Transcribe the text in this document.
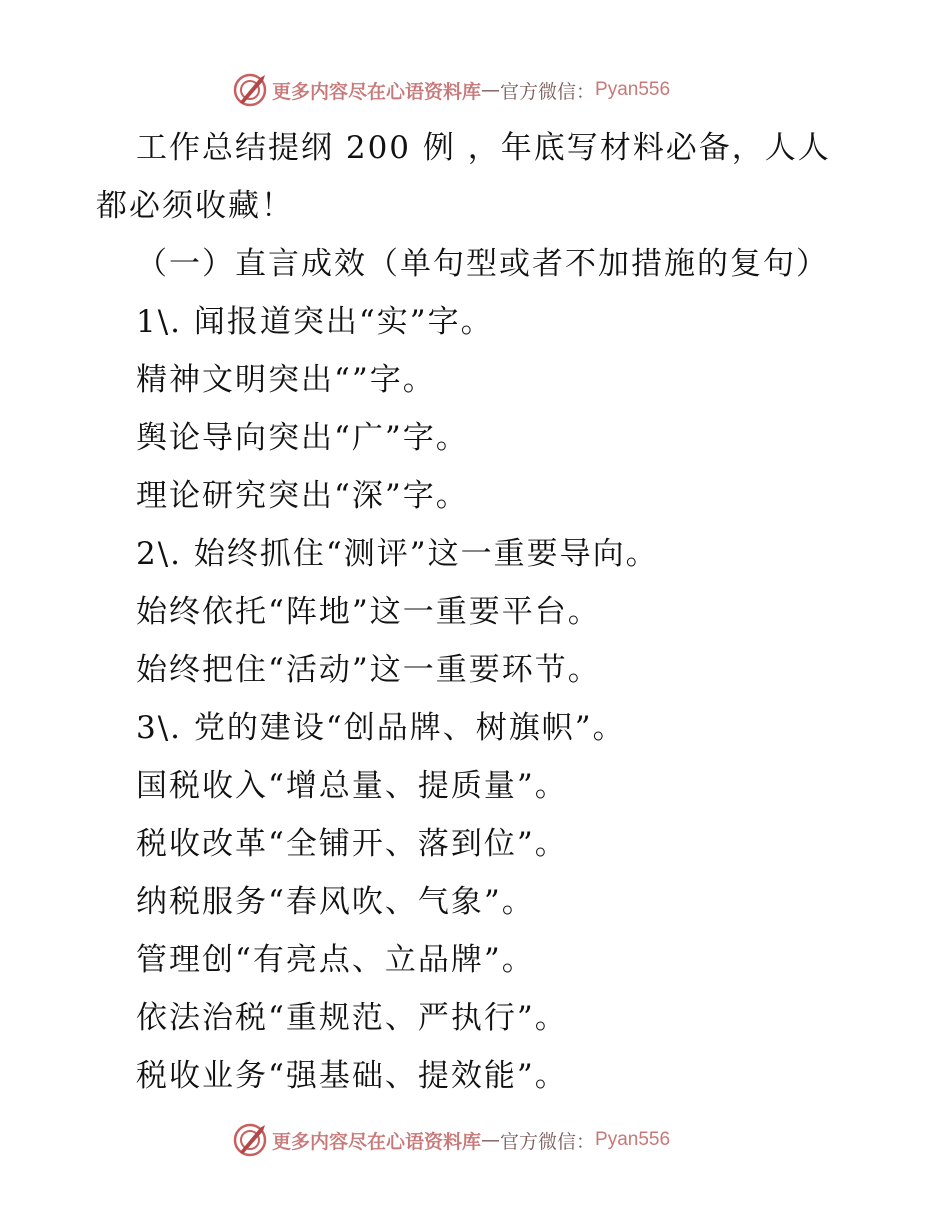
更多内容尽在心语资料库 — 官方微信： Pyan556
工作总结提纲 200 例 ，年底写材料必备，人人
都必须收藏！
（一）直言成效（单句型或者不加措施的复句）
1\. 闻报道突出“实”字。
精神文明突出“”字。
舆论导向突出“广”字。
理论研究突出“深”字。
2\. 始终抓住“测评”这一重要导向。
始终依托“阵地”这一重要平台。
始终把住“活动”这一重要环节。
3\. 党的建设“创品牌、树旗帜”。
国税收入“增总量、提质量”。
税收改革“全铺开、落到位”。
纳税服务“春风吹、气象”。
管理创“有亮点、立品牌”。
依法治税“重规范、严执行”。
税收业务“强基础、提效能”。
更多内容尽在心语资料库 — 官方微信： Pyan556
